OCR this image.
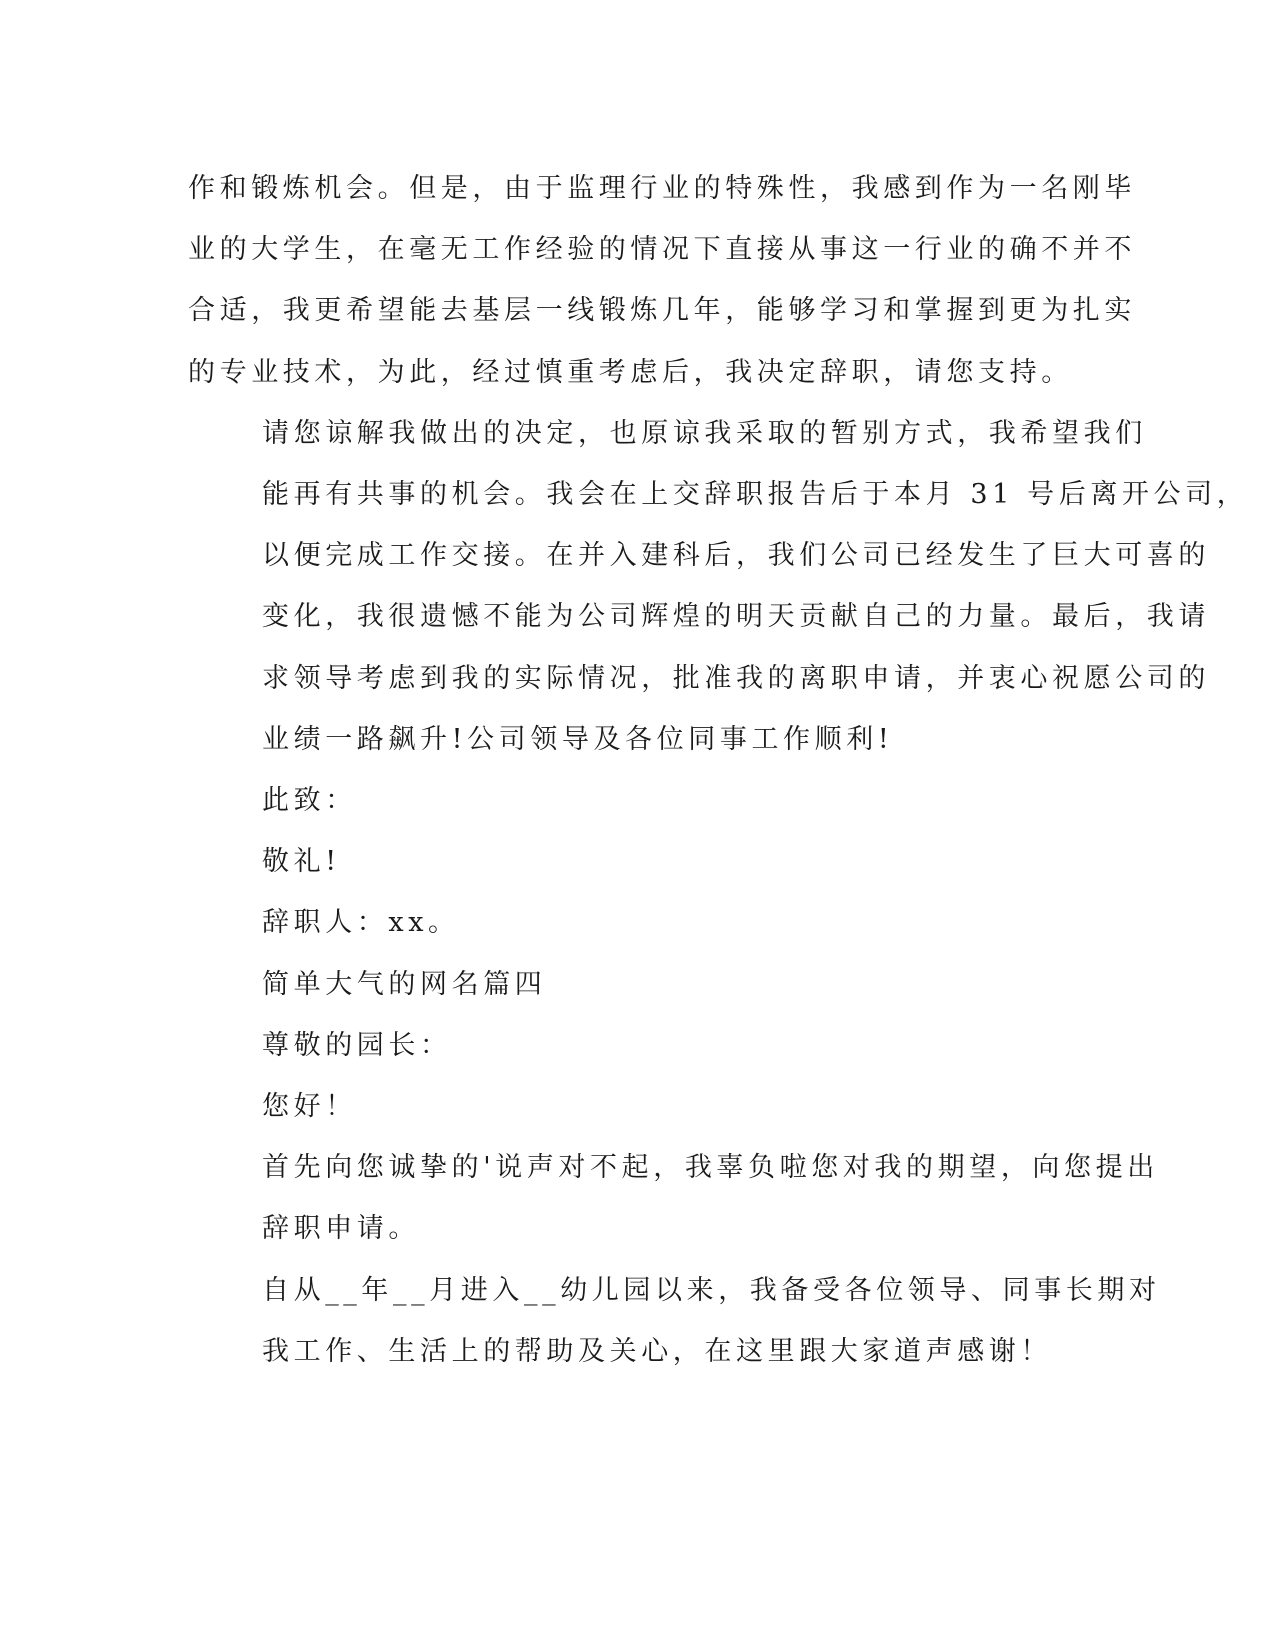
作和锻炼机会。但是，由于监理行业的特殊性，我感到作为一名刚毕
业的大学生，在毫无工作经验的情况下直接从事这一行业的确不并不
合适，我更希望能去基层一线锻炼几年，能够学习和掌握到更为扎实
的专业技术，为此，经过慎重考虑后，我决定辞职，请您支持。

请您谅解我做出的决定，也原谅我采取的暂别方式，我希望我们
能再有共事的机会。我会在上交辞职报告后于本月 31 号后离开公司，
以便完成工作交接。在并入建科后，我们公司已经发生了巨大可喜的
变化，我很遗憾不能为公司辉煌的明天贡献自己的力量。最后，我请
求领导考虑到我的实际情况，批准我的离职申请，并衷心祝愿公司的
业绩一路飙升!公司领导及各位同事工作顺利!

此致：

敬礼!

辞职人：xx。

简单大气的网名篇四

尊敬的园长：

您好！

首先向您诚挚的'说声对不起，我辜负啦您对我的期望，向您提出
辞职申请。

自从__年__月进入__幼儿园以来，我备受各位领导、同事长期对
我工作、生活上的帮助及关心，在这里跟大家道声感谢！
